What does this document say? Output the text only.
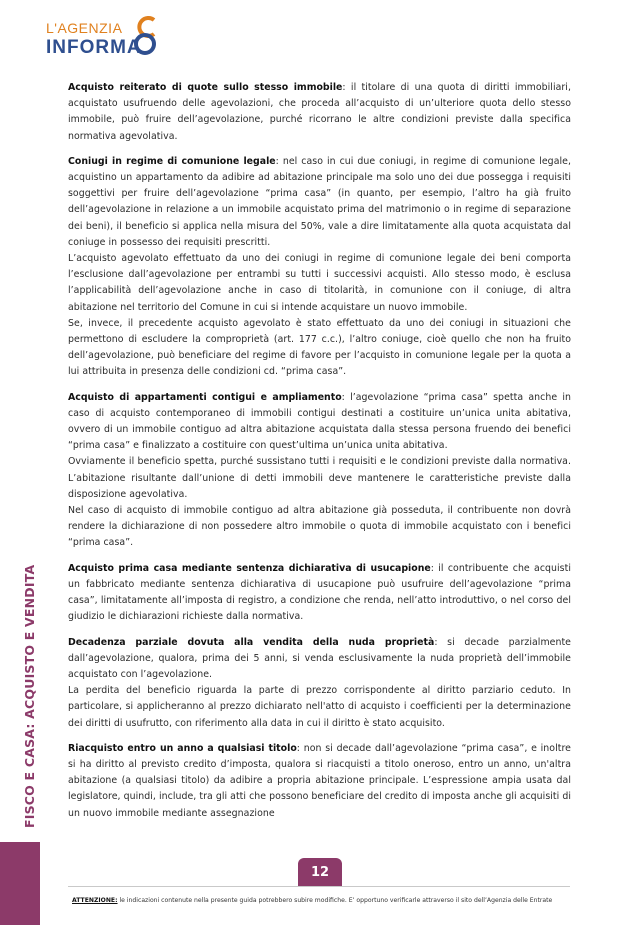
L'AGENZIA
INFORMA
FISCO E CASA: ACQUISTO E VENDITA

Acquisto reiterato di quote sullo stesso immobile: il titolare di una quota di diritti immobiliari, acquistato usufruendo delle agevolazioni, che proceda all’acquisto di un’ulteriore quota dello stesso immobile, può fruire dell’agevolazione, purché ricorrano le altre condizioni previste dalla specifica normativa agevolativa.

Coniugi in regime di comunione legale: nel caso in cui due coniugi, in regime di comunione legale, acquistino un appartamento da adibire ad abitazione principale ma solo uno dei due possegga i requisiti soggettivi per fruire dell’agevolazione “prima casa” (in quanto, per esempio, l’altro ha già fruito dell’agevolazione in relazione a un immobile acquistato prima del matrimonio o in regime di separazione dei beni), il beneficio si applica nella misura del 50%, vale a dire limitatamente alla quota acquistata dal coniuge in possesso dei requisiti prescritti.

L’acquisto agevolato effettuato da uno dei coniugi in regime di comunione legale dei beni comporta l’esclusione dall’agevolazione per entrambi su tutti i successivi acquisti. Allo stesso modo, è esclusa l’applicabilità dell’agevolazione anche in caso di titolarità, in comunione con il coniuge, di altra abitazione nel territorio del Comune in cui si intende acquistare un nuovo immobile.

Se, invece, il precedente acquisto agevolato è stato effettuato da uno dei coniugi in situazioni che permettono di escludere la comproprietà (art. 177 c.c.), l’altro coniuge, cioè quello che non ha fruito dell’agevolazione, può beneficiare del regime di favore per l’acquisto in comunione legale per la quota a lui attribuita in presenza delle condizioni cd. “prima casa”.

Acquisto di appartamenti contigui e ampliamento: l’agevolazione “prima casa” spetta anche in caso di acquisto contemporaneo di immobili contigui destinati a costituire un’unica unita abitativa, ovvero di un immobile contiguo ad altra abitazione acquistata dalla stessa persona fruendo dei benefici “prima casa” e finalizzato a costituire con quest’ultima un’unica unita abitativa.

Ovviamente il beneficio spetta, purché sussistano tutti i requisiti e le condizioni previste dalla normativa. L’abitazione risultante dall’unione di detti immobili deve mantenere le caratteristiche previste dalla disposizione agevolativa.

Nel caso di acquisto di immobile contiguo ad altra abitazione già posseduta, il contribuente non dovrà rendere la dichiarazione di non possedere altro immobile o quota di immobile acquistato con i benefici “prima casa”.

Acquisto prima casa mediante sentenza dichiarativa di usucapione: il contribuente che acquisti un fabbricato mediante sentenza dichiarativa di usucapione può usufruire dell’agevolazione “prima casa”, limitatamente all’imposta di registro, a condizione che renda, nell’atto introduttivo, o nel corso del giudizio le dichiarazioni richieste dalla normativa.

Decadenza parziale dovuta alla vendita della nuda proprietà: si decade parzialmente dall’agevolazione, qualora, prima dei 5 anni, si venda esclusivamente la nuda proprietà dell’immobile acquistato con l’agevolazione.

La perdita del beneficio riguarda la parte di prezzo corrispondente al diritto parziario ceduto. In particolare, si applicheranno al prezzo dichiarato nell'atto di acquisto i coefficienti per la determinazione dei diritti di usufrutto, con riferimento alla data in cui il diritto è stato acquisito.

Riacquisto entro un anno a qualsiasi titolo: non si decade dall’agevolazione “prima casa”, e inoltre si ha diritto al previsto credito d’imposta, qualora si riacquisti a titolo oneroso, entro un anno, un'altra abitazione (a qualsiasi titolo) da adibire a propria abitazione principale. L’espressione ampia usata dal legislatore, quindi, include, tra gli atti che possono beneficiare del credito di imposta anche gli acquisiti di un nuovo immobile mediante assegnazione

12
ATTENZIONE: le indicazioni contenute nella presente guida potrebbero subire modifiche. E’ opportuno verificarle attraverso il sito dell’Agenzia delle Entrate
